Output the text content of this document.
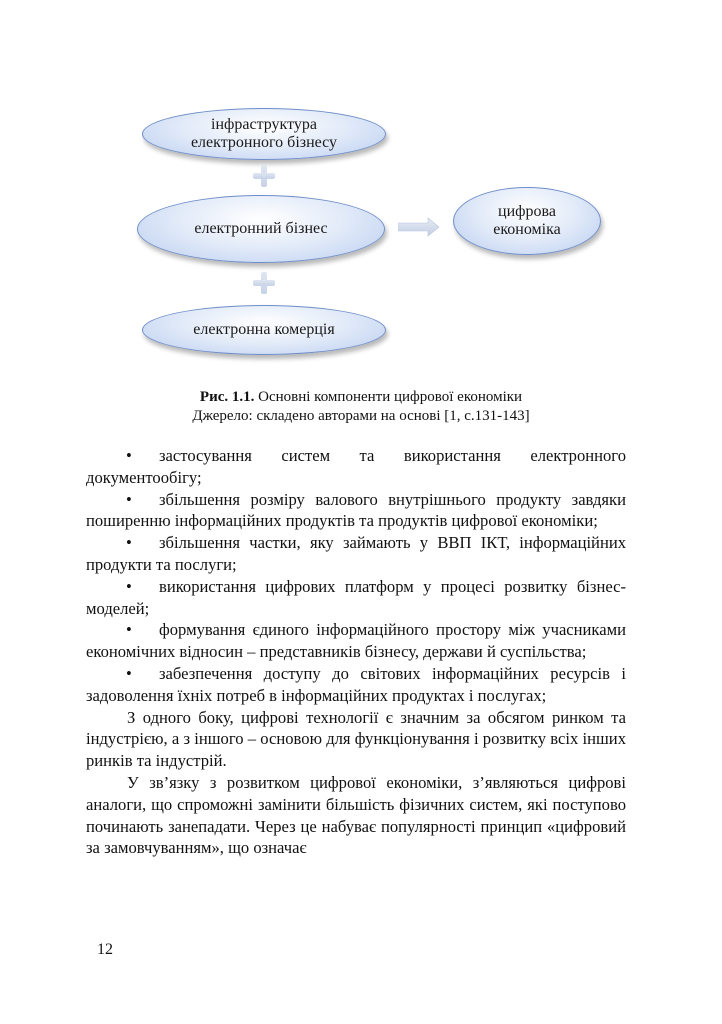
інфраструктура
електронного бізнесу
електронний бізнес
електронна комерція
цифрова
економіка
Рис. 1.1. Основні компоненти цифрової економіки
Джерело: складено авторами на основі [1, с.131-143]

• застосування систем та використання електронного документообігу;

• збільшення розміру валового внутрішнього продукту завдяки поширенню інформаційних продуктів та продуктів цифрової економіки;

• збільшення частки, яку займають у ВВП ІКТ, інформаційних продукти та послуги;

• використання цифрових платформ у процесі розвитку бізнес-моделей;

• формування єдиного інформаційного простору між учасниками економічних відносин – представників бізнесу, держави й суспільства;

• забезпечення доступу до світових інформаційних ресурсів і задоволення їхніх потреб в інформаційних продуктах і послугах;

З одного боку, цифрові технології є значним за обсягом ринком та індустрією, а з іншого – основою для функціонування і розвитку всіх інших ринків та індустрій.

У зв’язку з розвитком цифрової економіки, з’являються цифрові аналоги, що спроможні замінити більшість фізичних систем, які поступово починають занепадати. Через це набуває популярності принцип «цифровий за замовчуванням», що означає

12
